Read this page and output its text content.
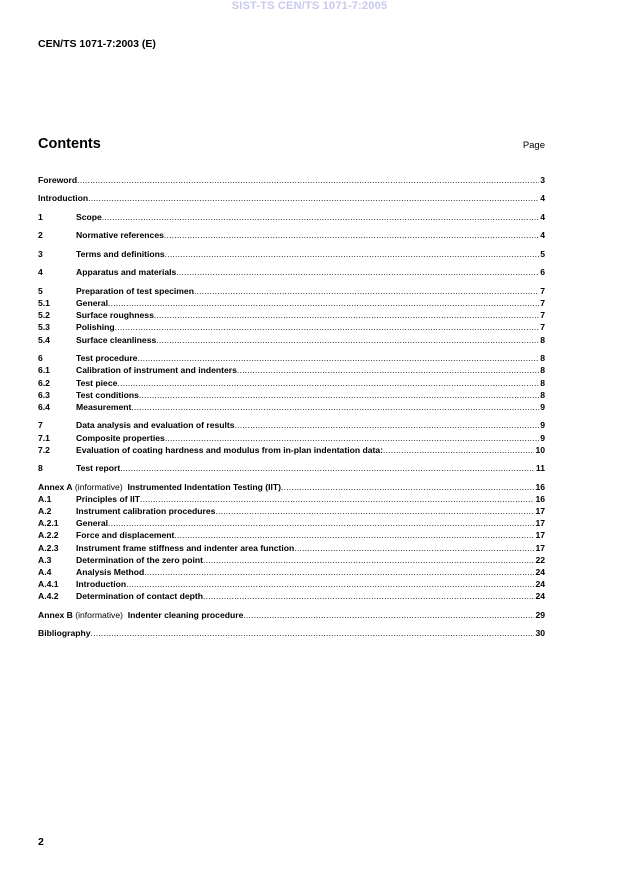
SIST-TS CEN/TS 1071-7:2005
CEN/TS 1071-7:2003 (E)
Contents	Page
Foreword .....	3
Introduction .....	4
1	Scope .....	4
2	Normative references .....	4
3	Terms and definitions .....	5
4	Apparatus and materials .....	6
5	Preparation of test specimen .....	7
5.1	General .....	7
5.2	Surface roughness .....	7
5.3	Polishing .....	7
5.4	Surface cleanliness .....	8
6	Test procedure .....	8
6.1	Calibration of instrument and indenters .....	8
6.2	Test piece .....	8
6.3	Test conditions .....	8
6.4	Measurement .....	9
7	Data analysis and evaluation of results .....	9
7.1	Composite properties .....	9
7.2	Evaluation of coating hardness and modulus from in-plan indentation data: .....	10
8	Test report .....	11
Annex A (informative)  Instrumented Indentation Testing (IIT) .....	16
A.1	Principles of IIT .....	16
A.2	Instrument calibration procedures .....	17
A.2.1	General .....	17
A.2.2	Force and displacement .....	17
A.2.3	Instrument frame stiffness and indenter area function .....	17
A.3	Determination of the zero point .....	22
A.4	Analysis Method .....	24
A.4.1	Introduction .....	24
A.4.2	Determination of contact depth .....	24
Annex B (informative)  Indenter cleaning procedure .....	29
Bibliography .....	30
2
